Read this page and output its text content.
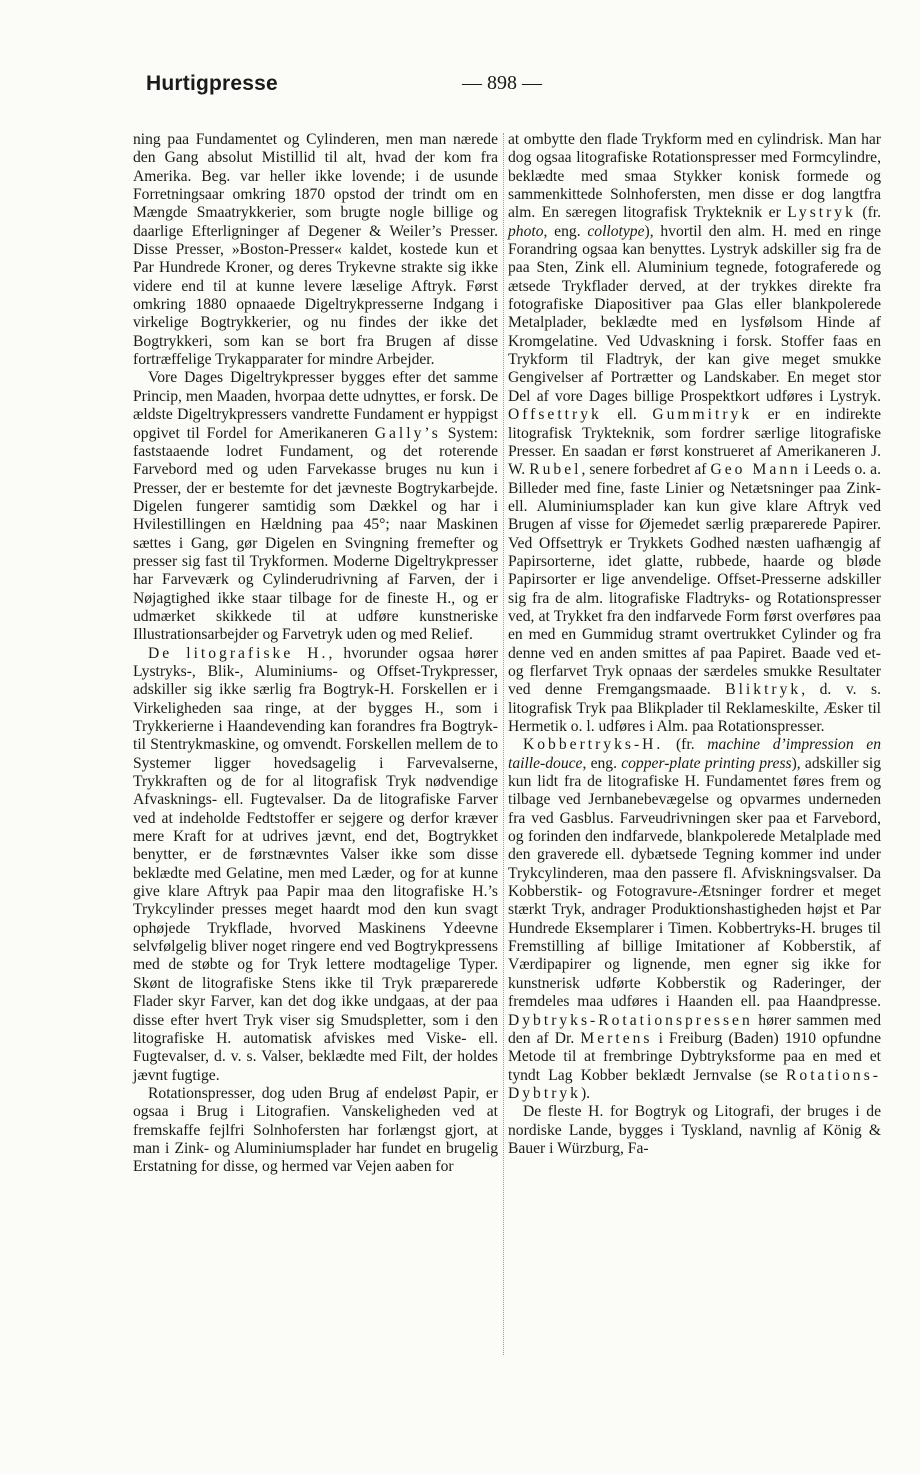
Hurtigpresse	— 898 —

ning paa Fundamentet og Cylinderen, men man nærede den Gang absolut Mistillid til alt, hvad der kom fra Amerika. Beg. var heller ikke lovende; i de usunde Forretningsaar omkring 1870 opstod der trindt om en Mængde Smaatrykkerier, som brugte nogle billige og daarlige Efterligninger af Degener & Weiler’s Presser. Disse Presser, »Boston-Presser« kaldet, kostede kun et Par Hundrede Kroner, og deres Trykevne strakte sig ikke videre end til at kunne levere læselige Aftryk. Først omkring 1880 opnaaede Digeltrykpresserne Indgang i virkelige Bogtrykkerier, og nu findes der ikke det Bogtrykkeri, som kan se bort fra Brugen af disse fortræffelige Trykapparater for mindre Arbejder.

Vore Dages Digeltrykpresser bygges efter det samme Princip, men Maaden, hvorpaa dette udnyttes, er forsk. De ældste Digeltrykpressers vandrette Fundament er hyppigst opgivet til Fordel for Amerikaneren Gally’s System: faststaaende lodret Fundament, og det roterende Farvebord med og uden Farvekasse bruges nu kun i Presser, der er bestemte for det jævneste Bogtrykarbejde. Digelen fungerer samtidig som Dækkel og har i Hvilestillingen en Hældning paa 45°; naar Maskinen sættes i Gang, gør Digelen en Svingning fremefter og presser sig fast til Trykformen. Moderne Digeltrykpresser har Farveværk og Cylinderudrivning af Farven, der i Nøjagtighed ikke staar tilbage for de fineste H., og er udmærket skikkede til at udføre kunstneriske Illustrationsarbejder og Farvetryk uden og med Relief.

De litografiske H., hvorunder ogsaa hører Lystryks-, Blik-, Aluminiums- og Offset-Trykpresser, adskiller sig ikke særlig fra Bogtryk-H. Forskellen er i Virkeligheden saa ringe, at der bygges H., som i Trykkerierne i Haandevending kan forandres fra Bogtryk- til Stentrykmaskine, og omvendt. Forskellen mellem de to Systemer ligger hovedsagelig i Farvevalserne, Trykkraften og de for al litografisk Tryk nødvendige Afvasknings- ell. Fugtevalser. Da de litografiske Farver ved at indeholde Fedtstoffer er sejgere og derfor kræver mere Kraft for at udrives jævnt, end det, Bogtrykket benytter, er de førstnævntes Valser ikke som disse beklædte med Gelatine, men med Læder, og for at kunne give klare Aftryk paa Papir maa den litografiske H.’s Trykcylinder presses meget haardt mod den kun svagt ophøjede Trykflade, hvorved Maskinens Ydeevne selvfølgelig bliver noget ringere end ved Bogtrykpressens med de støbte og for Tryk lettere modtagelige Typer. Skønt de litografiske Stens ikke til Tryk præparerede Flader skyr Farver, kan det dog ikke undgaas, at der paa disse efter hvert Tryk viser sig Smudspletter, som i den litografiske H. automatisk afviskes med Viske- ell. Fugtevalser, d. v. s. Valser, beklædte med Filt, der holdes jævnt fugtige.

Rotationspresser, dog uden Brug af endeløst Papir, er ogsaa i Brug i Litografien. Vanskeligheden ved at fremskaffe fejlfri Solnhofersten har forlængst gjort, at man i Zink- og Aluminiumsplader har fundet en brugelig Erstatning for disse, og hermed var Vejen aaben for

at ombytte den flade Trykform med en cylindrisk. Man har dog ogsaa litografiske Rotationspresser med Formcylindre, beklædte med smaa Stykker konisk formede og sammenkittede Solnhofersten, men disse er dog langtfra alm. En særegen litografisk Trykteknik er Lystryk (fr. photo, eng. collotype), hvortil den alm. H. med en ringe Forandring ogsaa kan benyttes. Lystryk adskiller sig fra de paa Sten, Zink ell. Aluminium tegnede, fotograferede og ætsede Trykflader derved, at der trykkes direkte fra fotografiske Diapositiver paa Glas eller blankpolerede Metalplader, beklædte med en lysfølsom Hinde af Kromgelatine. Ved Udvaskning i forsk. Stoffer faas en Trykform til Fladtryk, der kan give meget smukke Gengivelser af Portrætter og Landskaber. En meget stor Del af vore Dages billige Prospektkort udføres i Lystryk. Offsettryk ell. Gummitryk er en indirekte litografisk Trykteknik, som fordrer særlige litografiske Presser. En saadan er først konstrueret af Amerikaneren J. W. Rubel, senere forbedret af Geo Mann i Leeds o. a. Billeder med fine, faste Linier og Netætsninger paa Zink- ell. Aluminiumsplader kan kun give klare Aftryk ved Brugen af visse for Øjemedet særlig præparerede Papirer. Ved Offsettryk er Trykkets Godhed næsten uafhængig af Papirsorterne, idet glatte, rubbede, haarde og bløde Papirsorter er lige anvendelige. Offset-Presserne adskiller sig fra de alm. litografiske Fladtryks- og Rotationspresser ved, at Trykket fra den indfarvede Form først overføres paa en med en Gummidug stramt overtrukket Cylinder og fra denne ved en anden smittes af paa Papiret. Baade ved et- og flerfarvet Tryk opnaas der særdeles smukke Resultater ved denne Fremgangsmaade. Bliktryk, d. v. s. litografisk Tryk paa Blikplader til Reklameskilte, Æsker til Hermetik o. l. udføres i Alm. paa Rotationspresser.

Kobbertryks-H. (fr. machine d’impression en taille-douce, eng. copper-plate printing press), adskiller sig kun lidt fra de litografiske H. Fundamentet føres frem og tilbage ved Jernbanebevægelse og opvarmes underneden fra ved Gasblus. Farveudrivningen sker paa et Farvebord, og forinden den indfarvede, blankpolerede Metalplade med den graverede ell. dybætsede Tegning kommer ind under Trykcylinderen, maa den passere fl. Afviskningsvalser. Da Kobberstik- og Fotogravure-Ætsninger fordrer et meget stærkt Tryk, andrager Produktionshastigheden højst et Par Hundrede Eksemplarer i Timen. Kobbertryks-H. bruges til Fremstilling af billige Imitationer af Kobberstik, af Værdipapirer og lignende, men egner sig ikke for kunstnerisk udførte Kobberstik og Raderinger, der fremdeles maa udføres i Haanden ell. paa Haandpresse. Dybtryks-Rotationspressen hører sammen med den af Dr. Mertens i Freiburg (Baden) 1910 opfundne Metode til at frembringe Dybtryksforme paa en med et tyndt Lag Kobber beklædt Jernvalse (se Rotations-Dybtryk).

De fleste H. for Bogtryk og Litografi, der bruges i de nordiske Lande, bygges i Tyskland, navnlig af König & Bauer i Würzburg, Fa-
